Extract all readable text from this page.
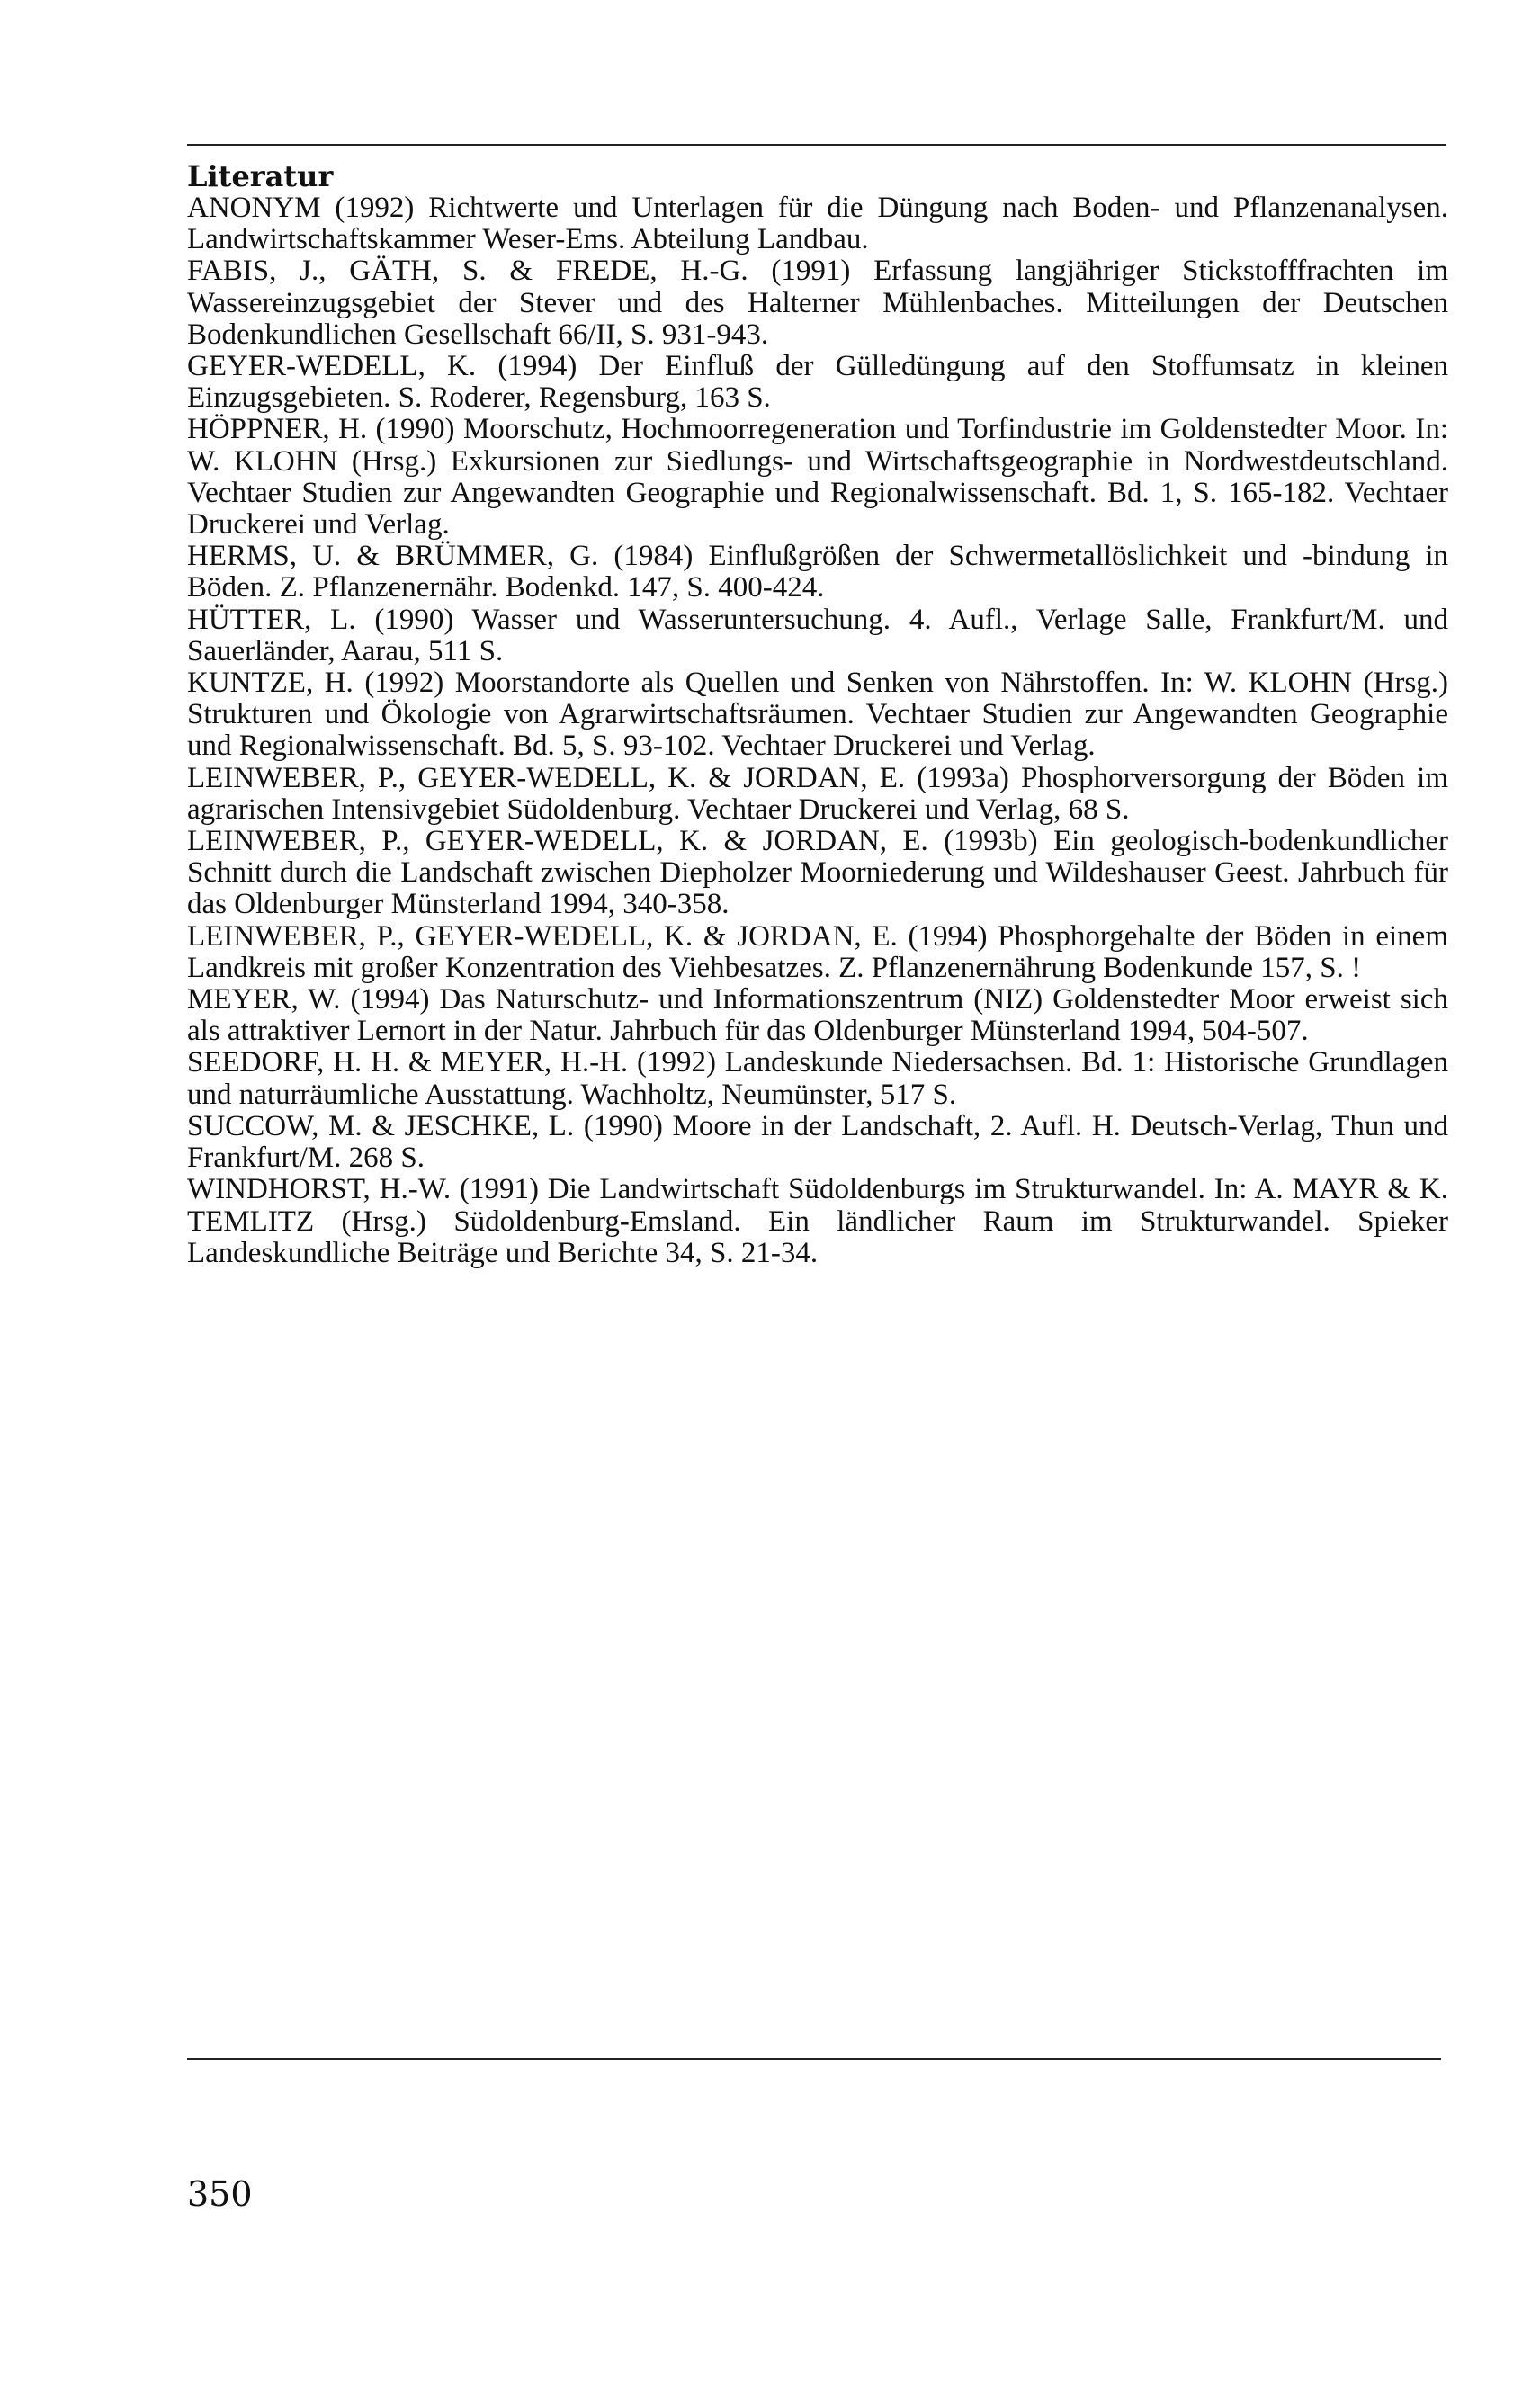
Literatur

ANONYM (1992) Richtwerte und Unterlagen für die Düngung nach Boden- und Pflanzenanalysen. Landwirtschaftskammer Weser-Ems. Abteilung Landbau.

FABIS, J., GÄTH, S. & FREDE, H.-G. (1991) Erfassung langjähriger Stickstofffrachten im Wassereinzugsgebiet der Stever und des Halterner Mühlenbaches. Mitteilungen der Deutschen Bodenkundlichen Gesellschaft 66/II, S. 931-943.

GEYER-WEDELL, K. (1994) Der Einfluß der Gülledüngung auf den Stoffumsatz in kleinen Einzugsgebieten. S. Roderer, Regensburg, 163 S.

HÖPPNER, H. (1990) Moorschutz, Hochmoorregeneration und Torfindustrie im Goldenstedter Moor. In: W. KLOHN (Hrsg.) Exkursionen zur Siedlungs- und Wirtschaftsgeographie in Nordwestdeutschland. Vechtaer Studien zur Angewandten Geographie und Regionalwissenschaft. Bd. 1, S. 165-182. Vechtaer Druckerei und Verlag.

HERMS, U. & BRÜMMER, G. (1984) Einflußgrößen der Schwermetallöslichkeit und -bindung in Böden. Z. Pflanzenernähr. Bodenkd. 147, S. 400-424.

HÜTTER, L. (1990) Wasser und Wasseruntersuchung. 4. Aufl., Verlage Salle, Frankfurt/M. und Sauerländer, Aarau, 511 S.

KUNTZE, H. (1992) Moorstandorte als Quellen und Senken von Nährstoffen. In: W. KLOHN (Hrsg.) Strukturen und Ökologie von Agrarwirtschaftsräumen. Vechtaer Studien zur Angewandten Geographie und Regionalwissenschaft. Bd. 5, S. 93-102. Vechtaer Druckerei und Verlag.

LEINWEBER, P., GEYER-WEDELL, K. & JORDAN, E. (1993a) Phosphorversorgung der Böden im agrarischen Intensivgebiet Südoldenburg. Vechtaer Druckerei und Verlag, 68 S.

LEINWEBER, P., GEYER-WEDELL, K. & JORDAN, E. (1993b) Ein geologisch-bodenkundlicher Schnitt durch die Landschaft zwischen Diepholzer Moorniederung und Wildeshauser Geest. Jahrbuch für das Oldenburger Münsterland 1994, 340-358.

LEINWEBER, P., GEYER-WEDELL, K. & JORDAN, E. (1994) Phosphorgehalte der Böden in einem Landkreis mit großer Konzentration des Viehbesatzes. Z. Pflanzenernährung Bodenkunde 157, S. !

MEYER, W. (1994) Das Naturschutz- und Informationszentrum (NIZ) Goldenstedter Moor erweist sich als attraktiver Lernort in der Natur. Jahrbuch für das Oldenburger Münsterland 1994, 504-507.

SEEDORF, H. H. & MEYER, H.-H. (1992) Landeskunde Niedersachsen. Bd. 1: Historische Grundlagen und naturräumliche Ausstattung. Wachholtz, Neumünster, 517 S.

SUCCOW, M. & JESCHKE, L. (1990) Moore in der Landschaft, 2. Aufl. H. Deutsch-Verlag, Thun und Frankfurt/M. 268 S.

WINDHORST, H.-W. (1991) Die Landwirtschaft Südoldenburgs im Strukturwandel. In: A. MAYR & K. TEMLITZ (Hrsg.) Südoldenburg-Emsland. Ein ländlicher Raum im Strukturwandel. Spieker Landeskundliche Beiträge und Berichte 34, S. 21-34.

350
